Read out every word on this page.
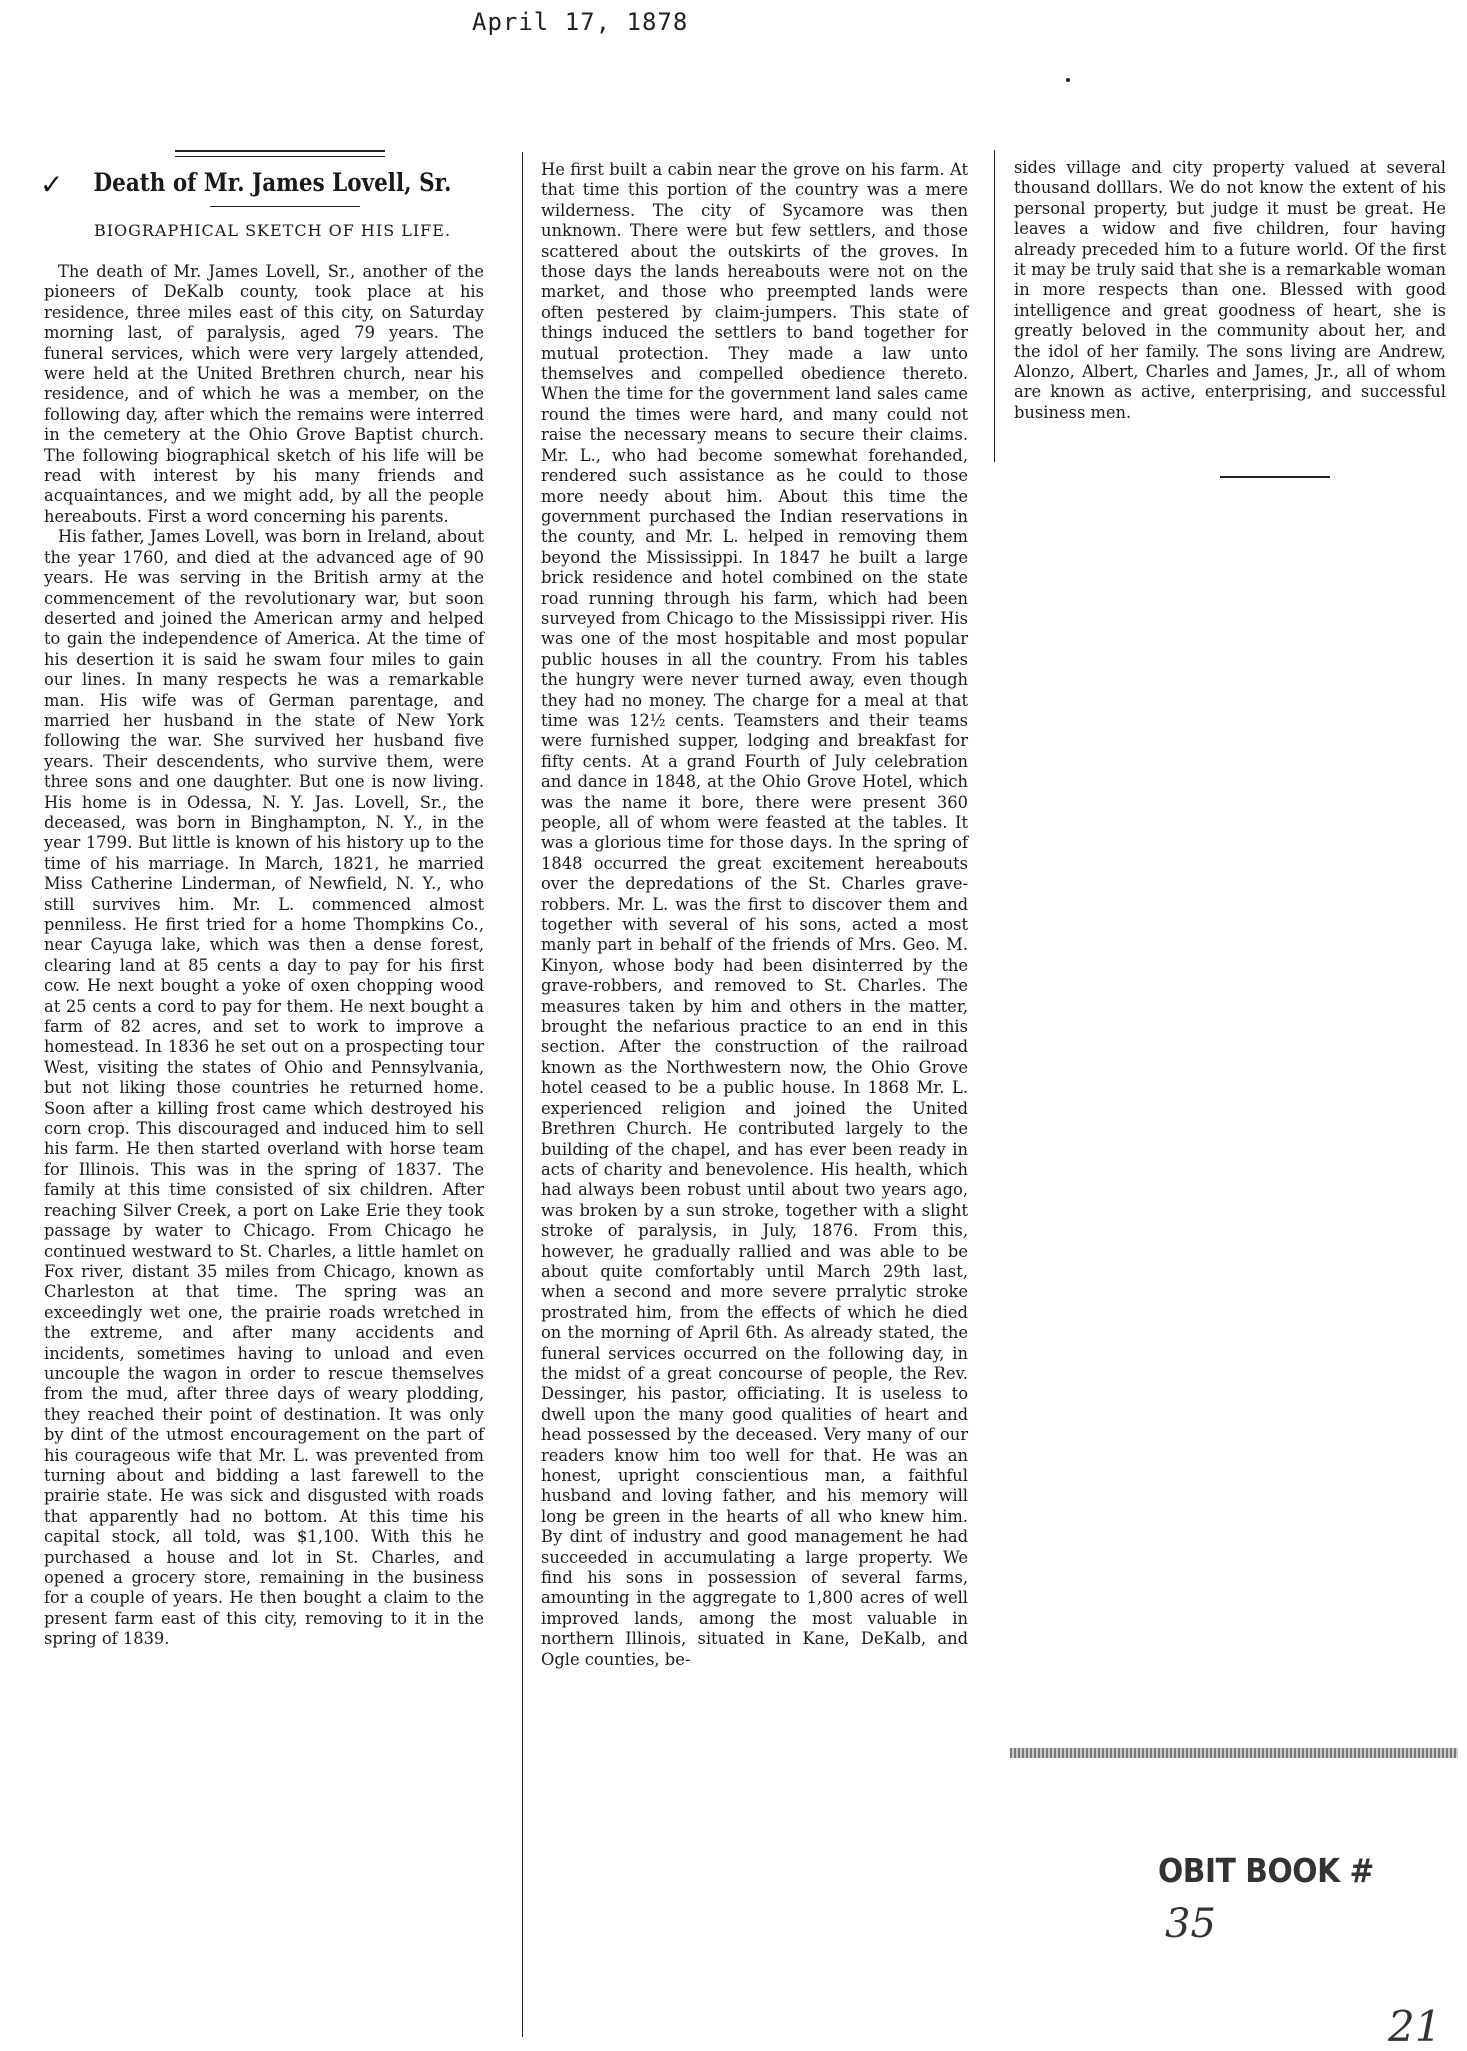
April 17, 1878
✓ Death of Mr. James Lovell, Sr.
BIOGRAPHICAL SKETCH OF HIS LIFE.

The death of Mr. James Lovell, Sr., another of the pioneers of DeKalb county, took place at his residence, three miles east of this city, on Saturday morning last, of paralysis, aged 79 years. The funeral services, which were very largely attended, were held at the United Brethren church, near his residence, and of which he was a member, on the following day, after which the remains were interred in the cemetery at the Ohio Grove Baptist church. The following biographical sketch of his life will be read with interest by his many friends and acquaintances, and we might add, by all the people hereabouts. First a word concerning his parents.

His father, James Lovell, was born in Ireland, about the year 1760, and died at the advanced age of 90 years. He was serving in the British army at the commencement of the revolutionary war, but soon deserted and joined the American army and helped to gain the independence of America. At the time of his desertion it is said he swam four miles to gain our lines. In many respects he was a remarkable man. His wife was of German parentage, and married her husband in the state of New York following the war. She survived her husband five years. Their descendents, who survive them, were three sons and one daughter. But one is now living. His home is in Odessa, N. Y. Jas. Lovell, Sr., the deceased, was born in Binghampton, N. Y., in the year 1799. But little is known of his history up to the time of his marriage. In March, 1821, he married Miss Catherine Linderman, of Newfield, N. Y., who still survives him. Mr. L. commenced almost penniless. He first tried for a home Thompkins Co., near Cayuga lake, which was then a dense forest, clearing land at 85 cents a day to pay for his first cow. He next bought a yoke of oxen chopping wood at 25 cents a cord to pay for them. He next bought a farm of 82 acres, and set to work to improve a homestead. In 1836 he set out on a prospecting tour West, visiting the states of Ohio and Pennsylvania, but not liking those countries he returned home. Soon after a killing frost came which destroyed his corn crop. This discouraged and induced him to sell his farm. He then started overland with horse team for Illinois. This was in the spring of 1837. The family at this time consisted of six children. After reaching Silver Creek, a port on Lake Erie they took passage by water to Chicago. From Chicago he continued westward to St. Charles, a little hamlet on Fox river, distant 35 miles from Chicago, known as Charleston at that time. The spring was an exceedingly wet one, the prairie roads wretched in the extreme, and after many accidents and incidents, sometimes having to unload and even uncouple the wagon in order to rescue themselves from the mud, after three days of weary plodding, they reached their point of destination. It was only by dint of the utmost encouragement on the part of his courageous wife that Mr. L. was prevented from turning about and bidding a last farewell to the prairie state. He was sick and disgusted with roads that apparently had no bottom. At this time his capital stock, all told, was $1,100. With this he purchased a house and lot in St. Charles, and opened a grocery store, remaining in the business for a couple of years. He then bought a claim to the present farm east of this city, removing to it in the spring of 1839.

He first built a cabin near the grove on his farm. At that time this portion of the country was a mere wilderness. The city of Sycamore was then unknown. There were but few settlers, and those scattered about the outskirts of the groves. In those days the lands hereabouts were not on the market, and those who preempted lands were often pestered by claim-jumpers. This state of things induced the settlers to band together for mutual protection. They made a law unto themselves and compelled obedience thereto. When the time for the government land sales came round the times were hard, and many could not raise the necessary means to secure their claims. Mr. L., who had become somewhat forehanded, rendered such assistance as he could to those more needy about him. About this time the government purchased the Indian reservations in the county, and Mr. L. helped in removing them beyond the Mississippi. In 1847 he built a large brick residence and hotel combined on the state road running through his farm, which had been surveyed from Chicago to the Mississippi river. His was one of the most hospitable and most popular public houses in all the country. From his tables the hungry were never turned away, even though they had no money. The charge for a meal at that time was 12½ cents. Teamsters and their teams were furnished supper, lodging and breakfast for fifty cents. At a grand Fourth of July celebration and dance in 1848, at the Ohio Grove Hotel, which was the name it bore, there were present 360 people, all of whom were feasted at the tables. It was a glorious time for those days. In the spring of 1848 occurred the great excitement hereabouts over the depredations of the St. Charles grave-robbers. Mr. L. was the first to discover them and together with several of his sons, acted a most manly part in behalf of the friends of Mrs. Geo. M. Kinyon, whose body had been disinterred by the grave-robbers, and removed to St. Charles. The measures taken by him and others in the matter, brought the nefarious practice to an end in this section. After the construction of the railroad known as the Northwestern now, the Ohio Grove hotel ceased to be a public house. In 1868 Mr. L. experienced religion and joined the United Brethren Church. He contributed largely to the building of the chapel, and has ever been ready in acts of charity and benevolence. His health, which had always been robust until about two years ago, was broken by a sun stroke, together with a slight stroke of paralysis, in July, 1876. From this, however, he gradually rallied and was able to be about quite comfortably until March 29th last, when a second and more severe prralytic stroke prostrated him, from the effects of which he died on the morning of April 6th. As already stated, the funeral services occurred on the following day, in the midst of a great concourse of people, the Rev. Dessinger, his pastor, officiating. It is useless to dwell upon the many good qualities of heart and head possessed by the deceased. Very many of our readers know him too well for that. He was an honest, upright conscientious man, a faithful husband and loving father, and his memory will long be green in the hearts of all who knew him. By dint of industry and good management he had succeeded in accumulating a large property. We find his sons in possession of several farms, amounting in the aggregate to 1,800 acres of well improved lands, among the most valuable in northern Illinois, situated in Kane, DeKalb, and Ogle counties, be-

sides village and city property valued at several thousand dolllars. We do not know the extent of his personal property, but judge it must be great. He leaves a widow and five children, four having already preceded him to a future world. Of the first it may be truly said that she is a remarkable woman in more respects than one. Blessed with good intelligence and great goodness of heart, she is greatly beloved in the community about her, and the idol of her family. The sons living are Andrew, Alonzo, Albert, Charles and James, Jr., all of whom are known as active, enterprising, and successful business men.

OBIT BOOK #
35
21
